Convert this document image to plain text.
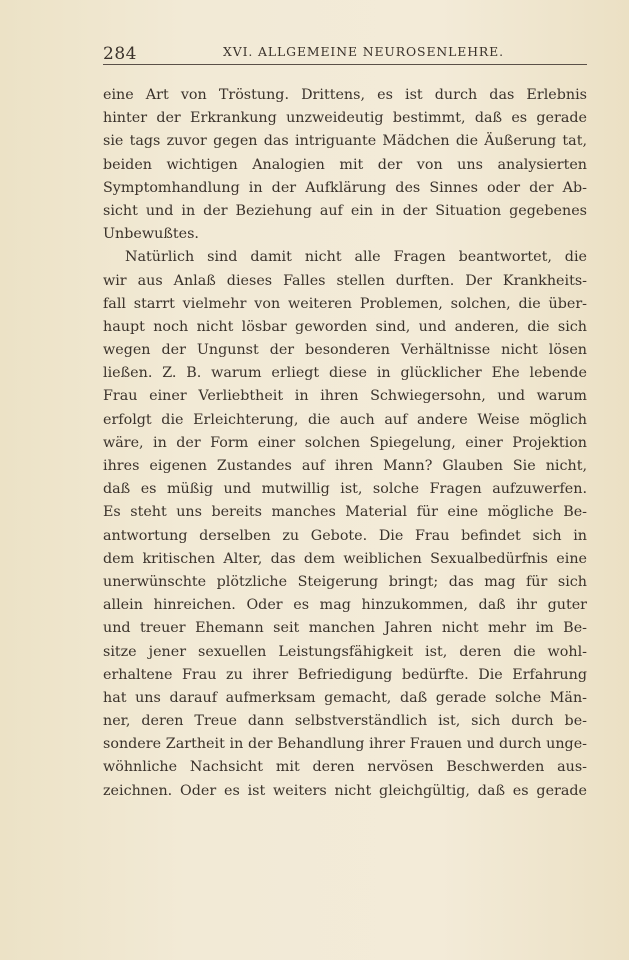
284	XVI. ALLGEMEINE NEUROSENLEHRE.

eine Art von Tröstung. Drittens, es ist durch das Erlebnis
hinter der Erkrankung unzweideutig bestimmt, daß es gerade
sie tags zuvor gegen das intriguante Mädchen die Äußerung tat,
beiden wichtigen Analogien mit der von uns analysierten
Symptomhandlung in der Aufklärung des Sinnes oder der Ab-
sicht und in der Beziehung auf ein in der Situation gegebenes
Unbewußtes.

Natürlich sind damit nicht alle Fragen beantwortet, die
wir aus Anlaß dieses Falles stellen durften. Der Krankheits-
fall starrt vielmehr von weiteren Problemen, solchen, die über-
haupt noch nicht lösbar geworden sind, und anderen, die sich
wegen der Ungunst der besonderen Verhältnisse nicht lösen
ließen. Z. B. warum erliegt diese in glücklicher Ehe lebende
Frau einer Verliebtheit in ihren Schwiegersohn, und warum
erfolgt die Erleichterung, die auch auf andere Weise möglich
wäre, in der Form einer solchen Spiegelung, einer Projektion
ihres eigenen Zustandes auf ihren Mann? Glauben Sie nicht,
daß es müßig und mutwillig ist, solche Fragen aufzuwerfen.
Es steht uns bereits manches Material für eine mögliche Be-
antwortung derselben zu Gebote. Die Frau befindet sich in
dem kritischen Alter, das dem weiblichen Sexualbedürfnis eine
unerwünschte plötzliche Steigerung bringt; das mag für sich
allein hinreichen. Oder es mag hinzukommen, daß ihr guter
und treuer Ehemann seit manchen Jahren nicht mehr im Be-
sitze jener sexuellen Leistungsfähigkeit ist, deren die wohl-
erhaltene Frau zu ihrer Befriedigung bedürfte. Die Erfahrung
hat uns darauf aufmerksam gemacht, daß gerade solche Män-
ner, deren Treue dann selbstverständlich ist, sich durch be-
sondere Zartheit in der Behandlung ihrer Frauen und durch unge-
wöhnliche Nachsicht mit deren nervösen Beschwerden aus-
zeichnen. Oder es ist weiters nicht gleichgültig, daß es gerade
